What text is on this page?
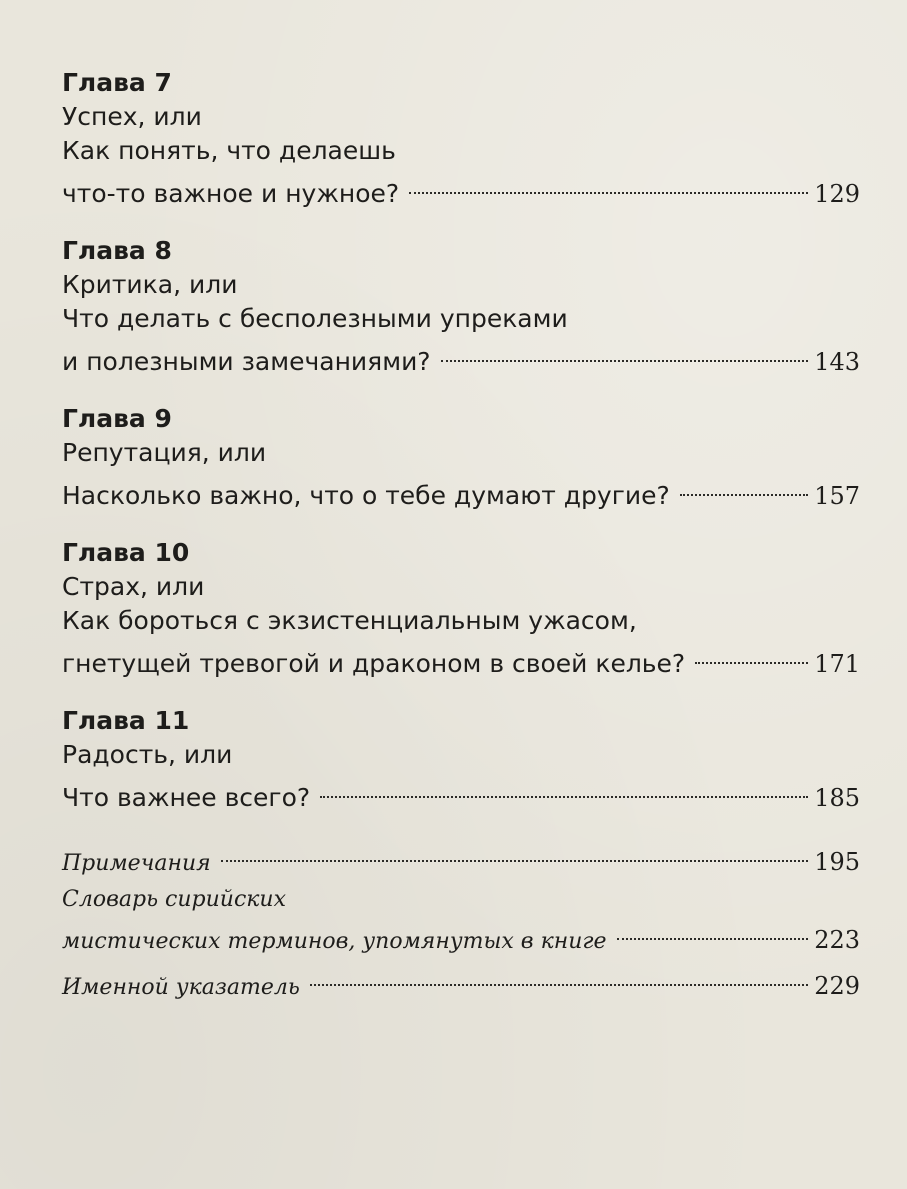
Глава 7
Успех, или
Как понять, что делаешь
что-то важное и нужное?	129
Глава 8
Критика, или
Что делать с бесполезными упреками
и полезными замечаниями?	143
Глава 9
Репутация, или
Насколько важно, что о тебе думают другие?	157
Глава 10
Страх, или
Как бороться с экзистенциальным ужасом,
гнетущей тревогой и драконом в своей келье?	171
Глава 11
Радость, или
Что важнее всего?	185
Примечания	195
Словарь сирийских
мистических терминов, упомянутых в книге	223
Именной указатель	229
